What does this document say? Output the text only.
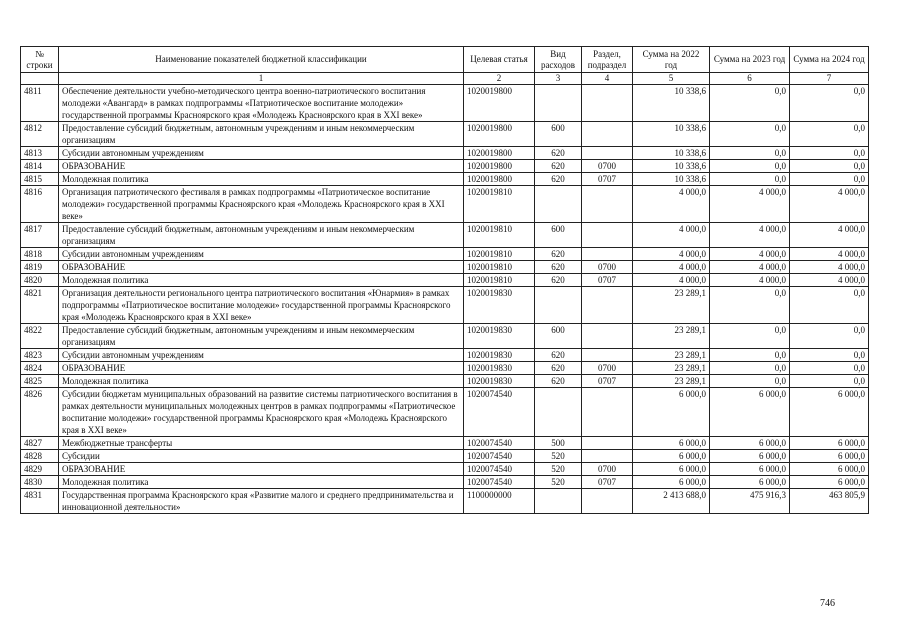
№ строки	Наименование показателей бюджетной классификации	Целевая статья	Вид расходов	Раздел, подраздел	Сумма на 2022 год	Сумма на 2023 год	Сумма на 2024 год
	1	2	3	4	5	6	7
4811	Обеспечение деятельности учебно-методического центра военно-патриотического воспитания молодежи «Авангард» в рамках подпрограммы «Патриотическое воспитание молодежи» государственной программы Красноярского края «Молодежь Красноярского края в XXI веке»	1020019800			10 338,6	0,0	0,0
4812	Предоставление субсидий бюджетным, автономным учреждениям и иным некоммерческим организациям	1020019800	600		10 338,6	0,0	0,0
4813	Субсидии автономным учреждениям	1020019800	620		10 338,6	0,0	0,0
4814	ОБРАЗОВАНИЕ	1020019800	620	0700	10 338,6	0,0	0,0
4815	Молодежная политика	1020019800	620	0707	10 338,6	0,0	0,0
4816	Организация патриотического фестиваля в рамках подпрограммы «Патриотическое воспитание молодежи» государственной программы Красноярского края «Молодежь Красноярского края в XXI веке»	1020019810			4 000,0	4 000,0	4 000,0
4817	Предоставление субсидий бюджетным, автономным учреждениям и иным некоммерческим организациям	1020019810	600		4 000,0	4 000,0	4 000,0
4818	Субсидии автономным учреждениям	1020019810	620		4 000,0	4 000,0	4 000,0
4819	ОБРАЗОВАНИЕ	1020019810	620	0700	4 000,0	4 000,0	4 000,0
4820	Молодежная политика	1020019810	620	0707	4 000,0	4 000,0	4 000,0
4821	Организация деятельности регионального центра патриотического воспитания «Юнармия» в рамках подпрограммы «Патриотическое воспитание молодежи» государственной программы Красноярского края «Молодежь Красноярского края в XXI веке»	1020019830			23 289,1	0,0	0,0
4822	Предоставление субсидий бюджетным, автономным учреждениям и иным некоммерческим организациям	1020019830	600		23 289,1	0,0	0,0
4823	Субсидии автономным учреждениям	1020019830	620		23 289,1	0,0	0,0
4824	ОБРАЗОВАНИЕ	1020019830	620	0700	23 289,1	0,0	0,0
4825	Молодежная политика	1020019830	620	0707	23 289,1	0,0	0,0
4826	Субсидии бюджетам муниципальных образований на развитие системы патриотического воспитания в рамках деятельности муниципальных молодежных центров в рамках подпрограммы «Патриотическое воспитание молодежи» государственной программы Красноярского края «Молодежь Красноярского края в XXI веке»	1020074540			6 000,0	6 000,0	6 000,0
4827	Межбюджетные трансферты	1020074540	500		6 000,0	6 000,0	6 000,0
4828	Субсидии	1020074540	520		6 000,0	6 000,0	6 000,0
4829	ОБРАЗОВАНИЕ	1020074540	520	0700	6 000,0	6 000,0	6 000,0
4830	Молодежная политика	1020074540	520	0707	6 000,0	6 000,0	6 000,0
4831	Государственная программа Красноярского края «Развитие малого и среднего предпринимательства и инновационной деятельности»	1100000000			2 413 688,0	475 916,3	463 805,9
746
